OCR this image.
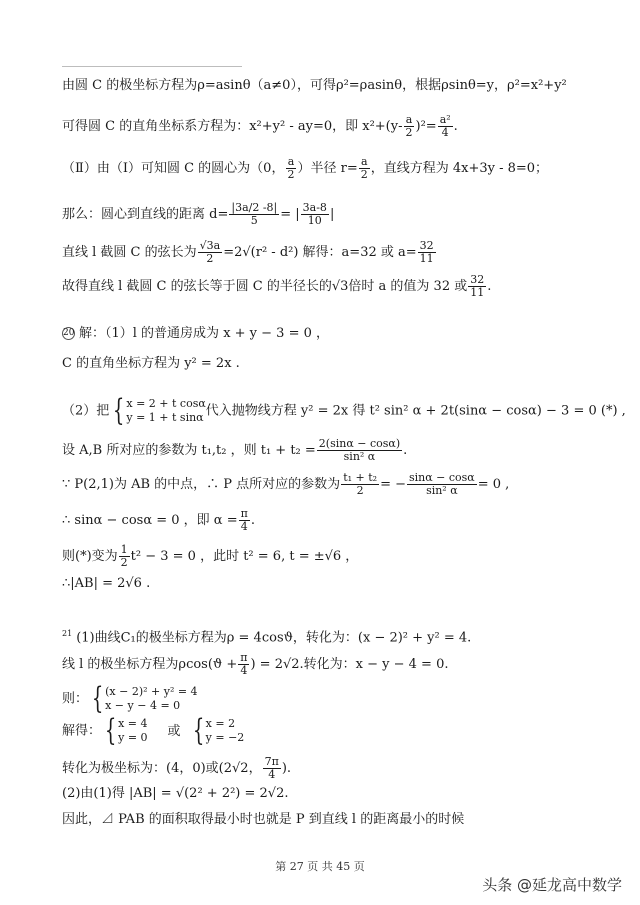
由圆 C 的极坐标方程为ρ=asinθ（a≠0），可得ρ²=ρasinθ，根据ρsinθ=y，ρ²=x²+y²
可得圆 C 的直角坐标系方程为：x²+y² - ay=0，即 $x^2+(y- \frac{a}{2} )^2= \frac{\text{a²}}{4}$ .
（Ⅱ）由（Ⅰ）可知圆 C 的圆心为（0， $\frac{a}{2}$ ）半径 $r= \frac{a}{2}$ ，直线方程为 4x+3y - 8=0；
那么：圆心到直线的距离 $d= \frac{|3a/2 -8|}{5}$ = | $\frac{3a-8}{10}$ |
直线 l 截圆 C 的弦长为 $\frac{√3a}{2} =2√(r^2 - d^2)$ 解得：a=32 或 $a= \frac{32}{11}$
故得直线 l 截圆 C 的弦长等于圆 C 的半径长的√3倍时 a 的值为 32 或 $\frac{32}{11}$ .
20 解：（1）l 的普通房成为 x + y − 3 = 0 ，
C 的直角坐标方程为 y² = 2x .
（2）把 { x = 2 + t cosα
y = 1 + t sinα 代入抛物线方程 y² = 2x 得 t² sin² α + 2t(sinα − cosα) − 3 = 0 (*) ,
设 A,B 所对应的参数为 t₁,t₂ ，则 $t_1 + t_2 = \frac{2(\sin\alpha - \cos\alpha)}{\text{sin² α}}$ .
∵ P(2,1)为 AB 的中点，∴ P 点所对应的参数为 $\frac{\text{t₁ + t₂}}{2}$ = − $\frac{\sin\alpha - \cos\alpha}{\text{sin² α}} = 0$ ,
∴ sinα − cosα = 0 ，即 $\alpha = \frac{\pi}{4}$ .
则(*)变为 $\frac{1}{2} t^2 - 3 = 0$ ，此时 t² = 6, t = ±√6 ，
∴|AB| = 2√6 .
$^{21}$ (1)曲线C₁的极坐标方程为ρ = 4cosϑ，转化为：(x − 2)² + y² = 4.
线 l 的极坐标方程为$\rho\cos(ϑ + \frac{\pi}{4}$ ) = 2√2.转化为：x − y − 4 = 0.
则： { (x − 2)² + y² = 4
x − y − 4 = 0
解得： { x = 4
y = 0 或 { x = 2
y = −2
转化为极坐标为：(4，0)或(2√2， $\frac{7\pi}{4}$ ).
(2)由(1)得 |AB| = √(2² + 2²) = 2√2.
因此，⊿ PAB 的面积取得最小时也就是 P 到直线 l 的距离最小的时候
第 27 页 共 45 页
头条 @延龙高中数学
